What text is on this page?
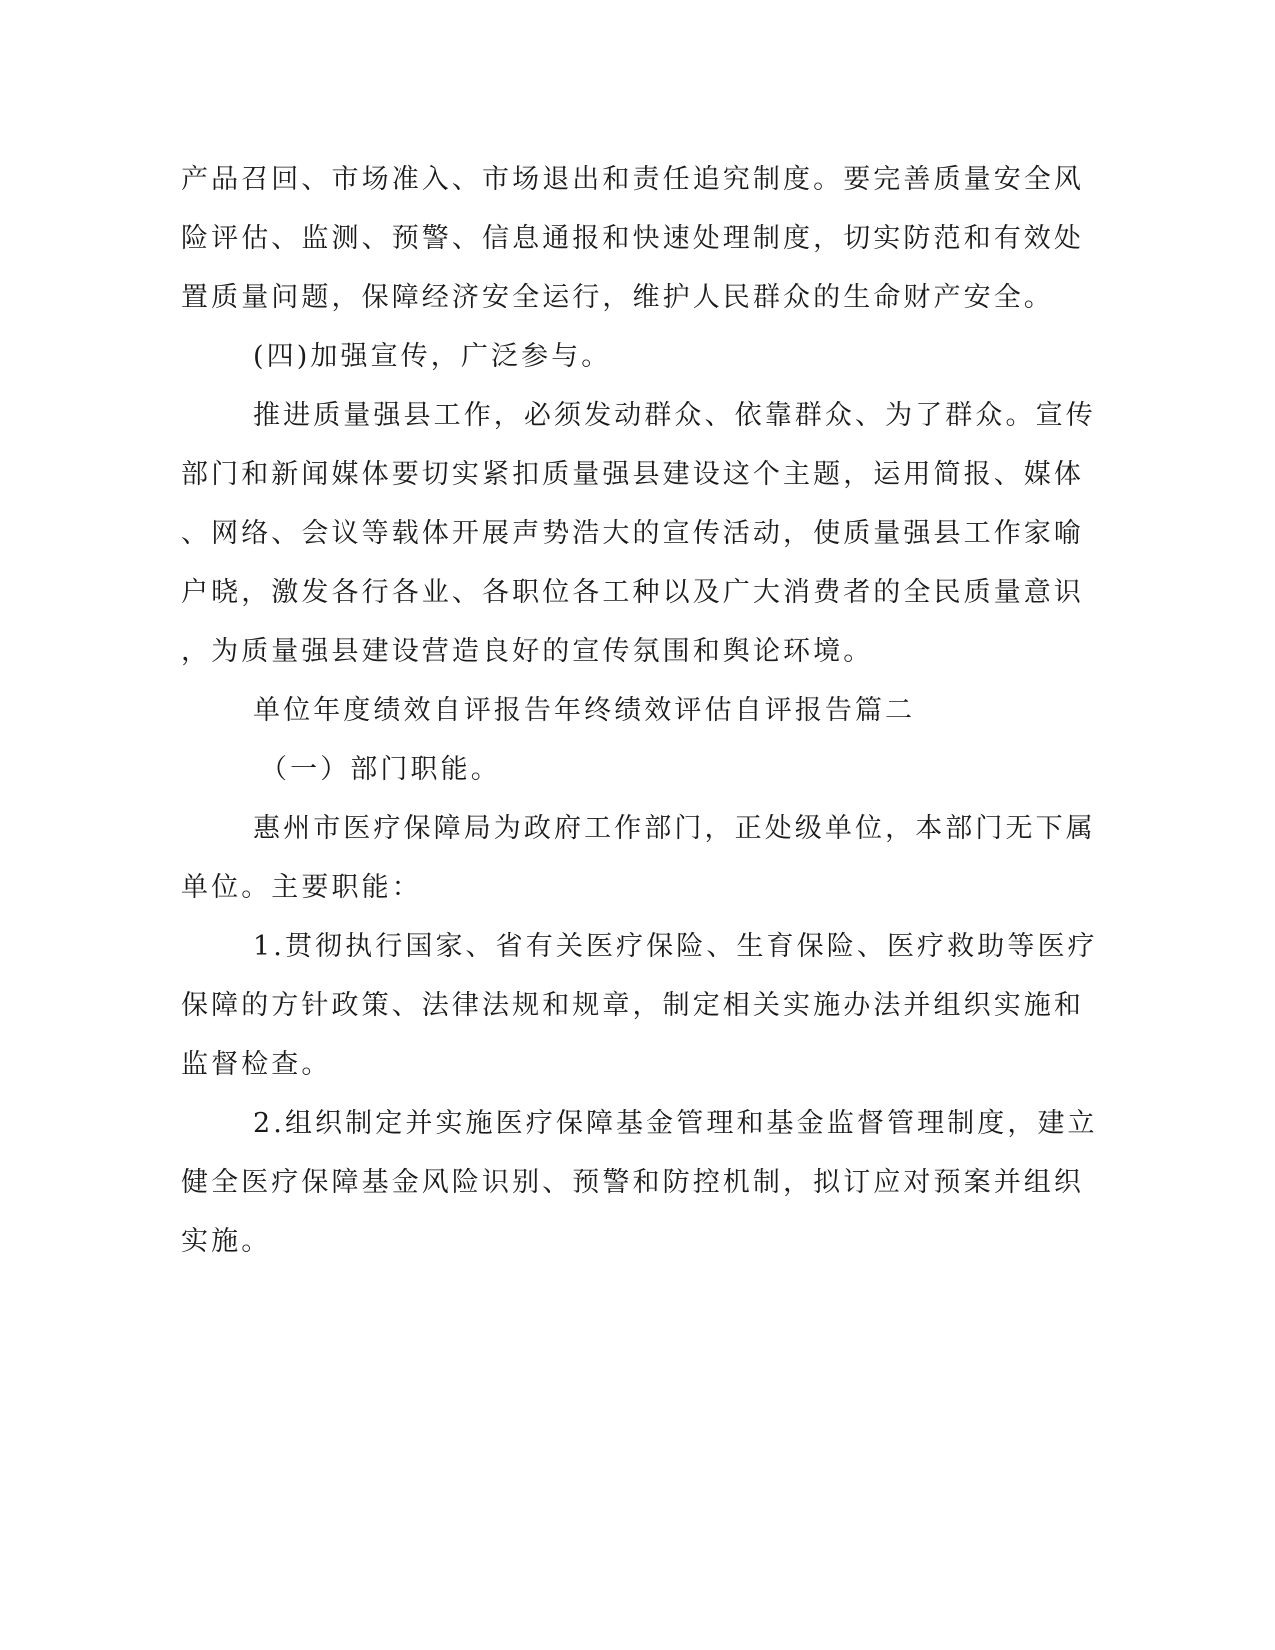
产品召回、市场准入、市场退出和责任追究制度。要完善质量安全风
险评估、监测、预警、信息通报和快速处理制度，切实防范和有效处
置质量问题，保障经济安全运行，维护人民群众的生命财产安全。
(四)加强宣传，广泛参与。
推进质量强县工作，必须发动群众、依靠群众、为了群众。宣传
部门和新闻媒体要切实紧扣质量强县建设这个主题，运用简报、媒体
、网络、会议等载体开展声势浩大的宣传活动，使质量强县工作家喻
户晓，激发各行各业、各职位各工种以及广大消费者的全民质量意识
，为质量强县建设营造良好的宣传氛围和舆论环境。
单位年度绩效自评报告年终绩效评估自评报告篇二
（一）部门职能。
惠州市医疗保障局为政府工作部门，正处级单位，本部门无下属
单位。主要职能：
1.贯彻执行国家、省有关医疗保险、生育保险、医疗救助等医疗
保障的方针政策、法律法规和规章，制定相关实施办法并组织实施和
监督检查。
2.组织制定并实施医疗保障基金管理和基金监督管理制度，建立
健全医疗保障基金风险识别、预警和防控机制，拟订应对预案并组织
实施。
